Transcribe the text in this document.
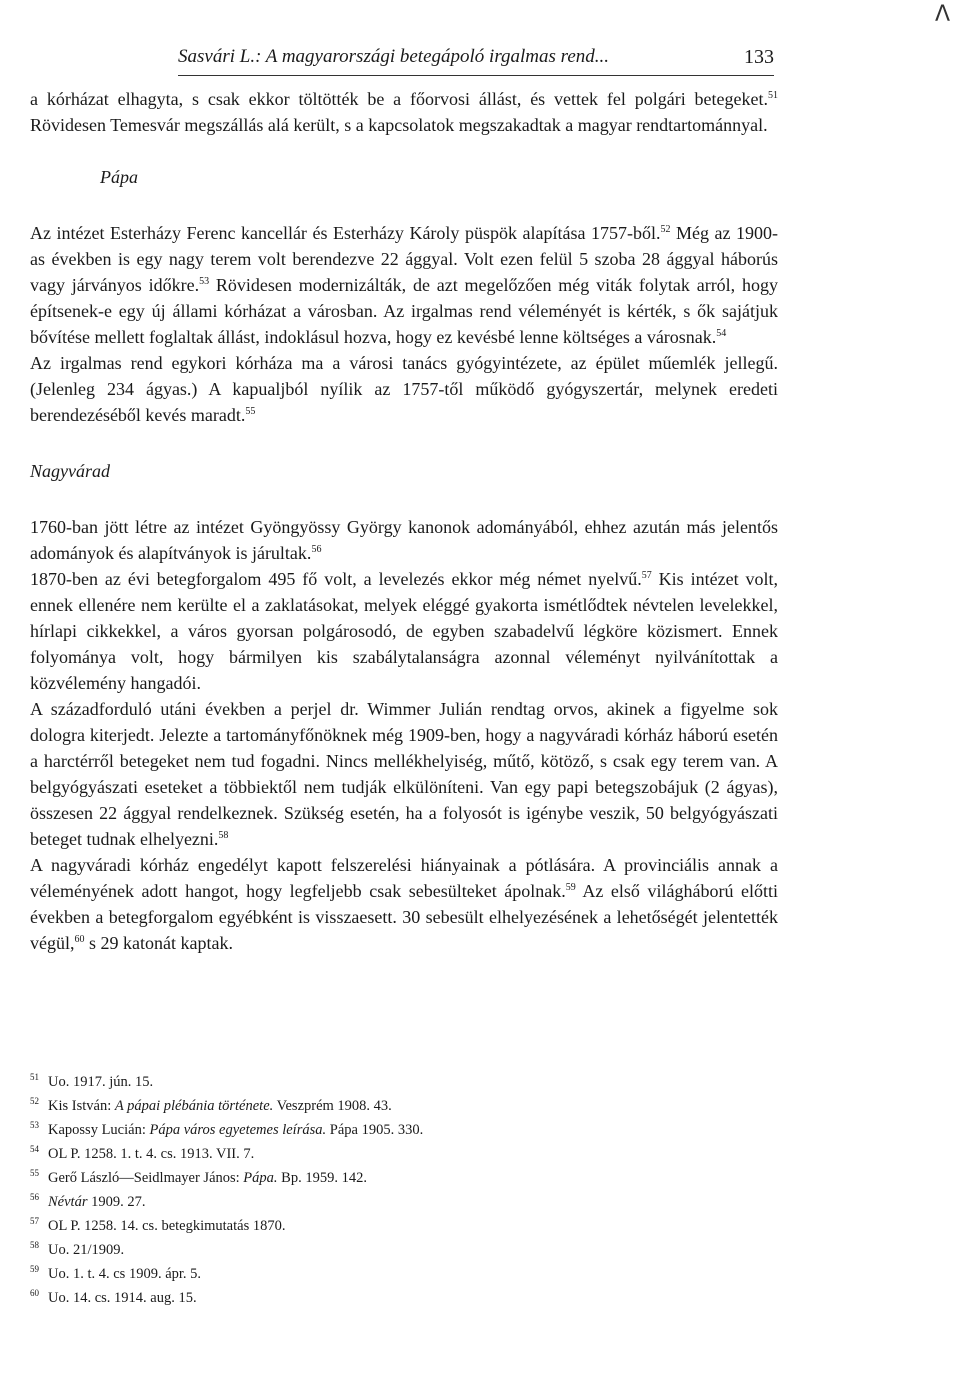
Λ
Sasvári L.: A magyarországi betegápoló irgalmas rend...	133

a kórházat elhagyta, s csak ekkor töltötték be a főorvosi állást, és vettek fel polgári betegeket.$^{51}$ Rövidesen Temesvár megszállás alá került, s a kapcsolatok megszakadtak a magyar rendtartománnyal.

Pápa

Az intézet Esterházy Ferenc kancellár és Esterházy Károly püspök alapítása 1757-ből.$^{52}$ Még az 1900-as években is egy nagy terem volt berendezve 22 ággyal. Volt ezen felül 5 szoba 28 ággyal háborús vagy járványos időkre.$^{53}$ Rövidesen modernizálták, de azt megelőzően még viták folytak arról, hogy építsenek-e egy új állami kórházat a városban. Az irgalmas rend véleményét is kérték, s ők sajátjuk bővítése mellett foglaltak állást, indoklásul hozva, hogy ez kevésbé lenne költséges a városnak.$^{54}$

Az irgalmas rend egykori kórháza ma a városi tanács gyógyintézete, az épület műemlék jellegű. (Jelenleg 234 ágyas.) A kapualjból nyílik az 1757-től működő gyógyszertár, melynek eredeti berendezéséből kevés maradt.$^{55}$

Nagyvárad

1760-ban jött létre az intézet Gyöngyössy György kanonok adományából, ehhez azután más jelentős adományok és alapítványok is járultak.$^{56}$

1870-ben az évi betegforgalom 495 fő volt, a levelezés ekkor még német nyelvű.$^{57}$ Kis intézet volt, ennek ellenére nem kerülte el a zaklatásokat, melyek eléggé gyakorta ismétlődtek névtelen levelekkel, hírlapi cikkekkel, a város gyorsan polgárosodó, de egyben szabadelvű légköre közismert. Ennek folyománya volt, hogy bármilyen kis szabálytalanságra azonnal véleményt nyilvánítottak a közvélemény hangadói.

A századforduló utáni években a perjel dr. Wimmer Julián rendtag orvos, akinek a figyelme sok dologra kiterjedt. Jelezte a tartományfőnöknek még 1909-ben, hogy a nagyváradi kórház háború esetén a harctérről betegeket nem tud fogadni. Nincs mellékhelyiség, műtő, kötöző, s csak egy terem van. A belgyógyászati eseteket a többiektől nem tudják elkülöníteni. Van egy papi betegszobájuk (2 ágyas), összesen 22 ággyal rendelkeznek. Szükség esetén, ha a folyosót is igénybe veszik, 50 belgyógyászati beteget tudnak elhelyezni.$^{58}$

A nagyváradi kórház engedélyt kapott felszerelési hiányainak a pótlására. A provinciális annak a véleményének adott hangot, hogy legfeljebb csak sebesülteket ápolnak.$^{59}$ Az első világháború előtti években a betegforgalom egyébként is visszaesett. 30 sebesült elhelyezésének a lehetőségét jelentették végül,$^{60}$ s 29 katonát kaptak.

51 Uo. 1917. jún. 15.
52 Kis István: A pápai plébánia története. Veszprém 1908. 43.
53 Kapossy Lucián: Pápa város egyetemes leírása. Pápa 1905. 330.
54 OL P. 1258. 1. t. 4. cs. 1913. VII. 7.
55 Gerő László—Seidlmayer János: Pápa. Bp. 1959. 142.
56 Névtár 1909. 27.
57 OL P. 1258. 14. cs. betegkimutatás 1870.
58 Uo. 21/1909.
59 Uo. 1. t. 4. cs 1909. ápr. 5.
60 Uo. 14. cs. 1914. aug. 15.
